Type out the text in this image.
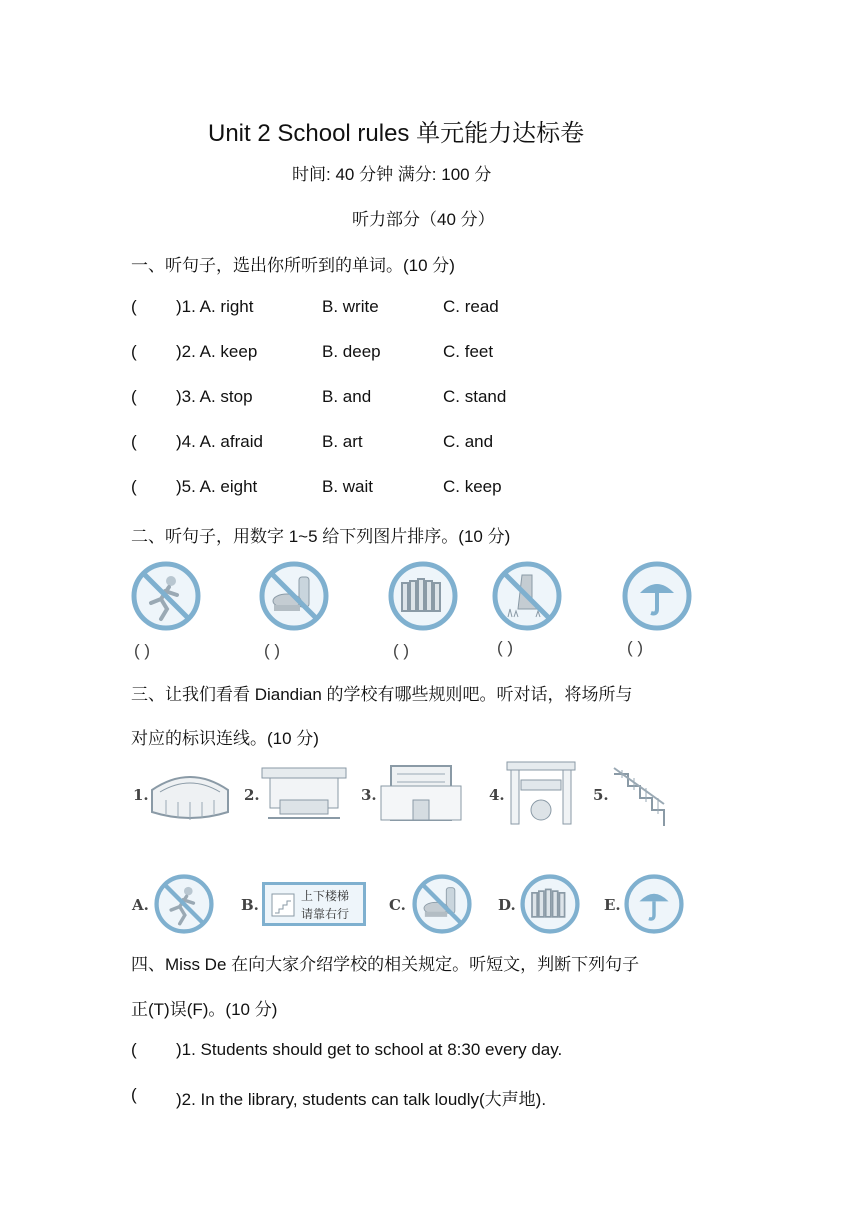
Unit 2 School rules 单元能力达标卷
时间: 40 分钟 满分: 100 分
听力部分（40 分）
一、听句子，选出你所听到的单词。(10 分)
( )1. A. right	B. write	C. read
( )2. A. keep	B. deep	C. feet
( )3. A. stop	B. and	C. stand
( )4. A. afraid	B. art	C. and
( )5. A. eight	B. wait	C. keep
二、听句子，用数字 1~5 给下列图片排序。(10 分)
( )	( )	( )	( )	( )
三、让我们看看 Diandian 的学校有哪些规则吧。听对话，将场所与
对应的标识连线。(10 分)
1.	2.	3.	4.	5.
A.	B.	上下楼梯
请靠右行	C.	D.	E.
四、Miss De 在向大家介绍学校的相关规定。听短文，判断下列句子
正(T)误(F)。(10 分)
( )1. Students should get to school at 8:30 every day.
( )2. In the library, students can talk loudly(大声地).
